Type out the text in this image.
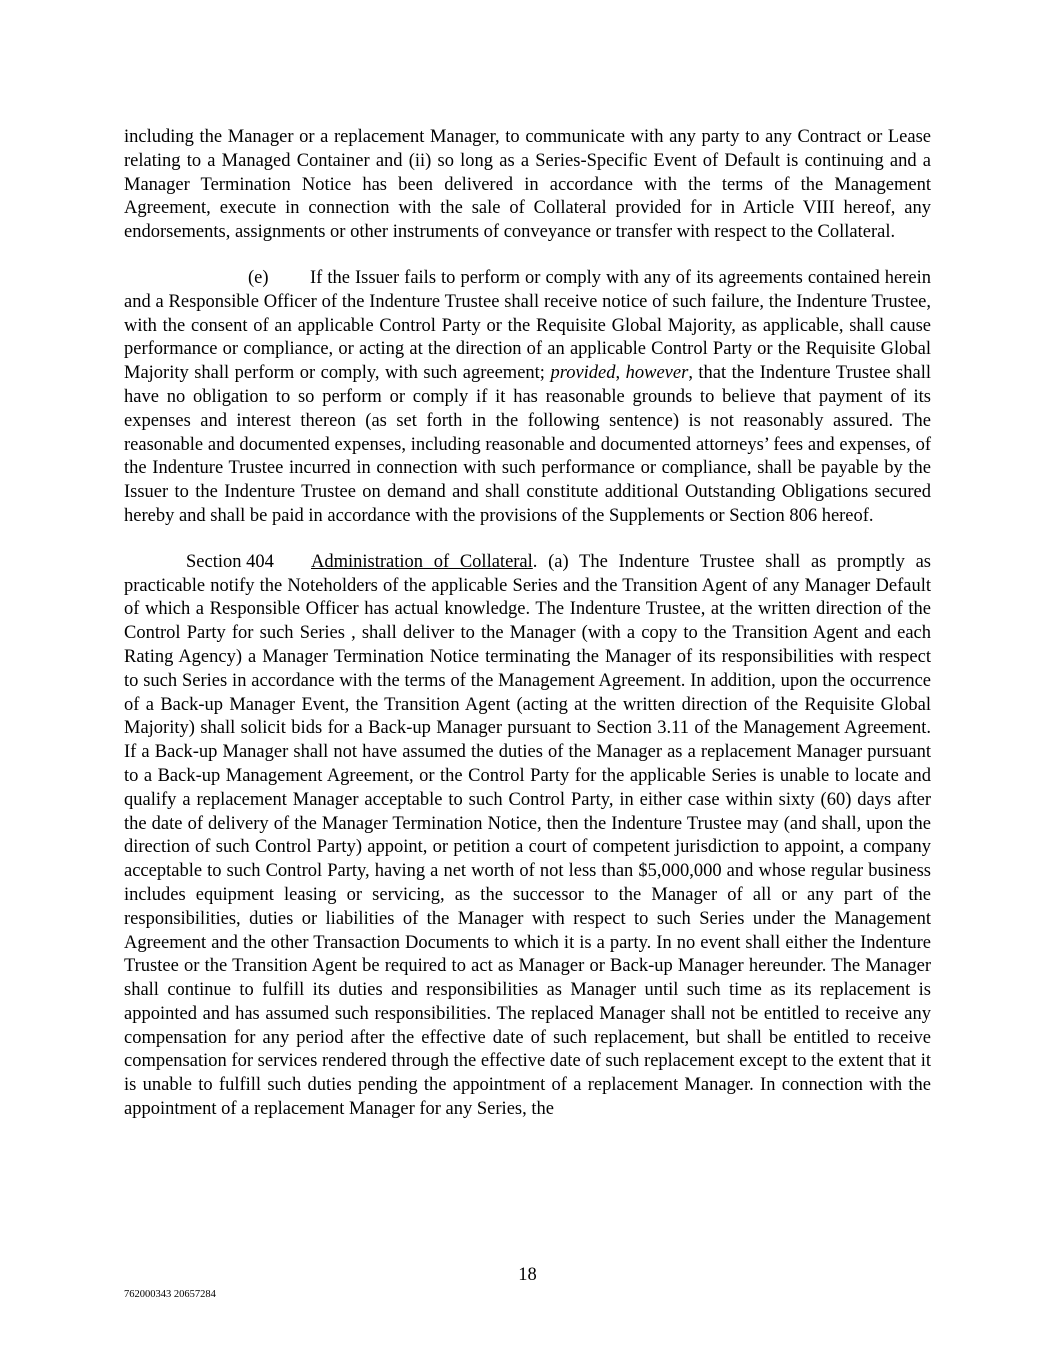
including the Manager or a replacement Manager, to communicate with any party to any Contract or Lease relating to a Managed Container and (ii) so long as a Series-Specific Event of Default is continuing and a Manager Termination Notice has been delivered in accordance with the terms of the Management Agreement, execute in connection with the sale of Collateral provided for in Article VIII hereof, any endorsements, assignments or other instruments of conveyance or transfer with respect to the Collateral.

(e) If the Issuer fails to perform or comply with any of its agreements contained herein and a Responsible Officer of the Indenture Trustee shall receive notice of such failure, the Indenture Trustee, with the consent of an applicable Control Party or the Requisite Global Majority, as applicable, shall cause performance or compliance, or acting at the direction of an applicable Control Party or the Requisite Global Majority shall perform or comply, with such agreement; provided, however, that the Indenture Trustee shall have no obligation to so perform or comply if it has reasonable grounds to believe that payment of its expenses and interest thereon (as set forth in the following sentence) is not reasonably assured. The reasonable and documented expenses, including reasonable and documented attorneys’ fees and expenses, of the Indenture Trustee incurred in connection with such performance or compliance, shall be payable by the Issuer to the Indenture Trustee on demand and shall constitute additional Outstanding Obligations secured hereby and shall be paid in accordance with the provisions of the Supplements or Section 806 hereof.

Section 404 Administration of Collateral. (a) The Indenture Trustee shall as promptly as practicable notify the Noteholders of the applicable Series and the Transition Agent of any Manager Default of which a Responsible Officer has actual knowledge. The Indenture Trustee, at the written direction of the Control Party for such Series , shall deliver to the Manager (with a copy to the Transition Agent and each Rating Agency) a Manager Termination Notice terminating the Manager of its responsibilities with respect to such Series in accordance with the terms of the Management Agreement. In addition, upon the occurrence of a Back-up Manager Event, the Transition Agent (acting at the written direction of the Requisite Global Majority) shall solicit bids for a Back-up Manager pursuant to Section 3.11 of the Management Agreement. If a Back-up Manager shall not have assumed the duties of the Manager as a replacement Manager pursuant to a Back-up Management Agreement, or the Control Party for the applicable Series is unable to locate and qualify a replacement Manager acceptable to such Control Party, in either case within sixty (60) days after the date of delivery of the Manager Termination Notice, then the Indenture Trustee may (and shall, upon the direction of such Control Party) appoint, or petition a court of competent jurisdiction to appoint, a company acceptable to such Control Party, having a net worth of not less than $5,000,000 and whose regular business includes equipment leasing or servicing, as the successor to the Manager of all or any part of the responsibilities, duties or liabilities of the Manager with respect to such Series under the Management Agreement and the other Transaction Documents to which it is a party. In no event shall either the Indenture Trustee or the Transition Agent be required to act as Manager or Back-up Manager hereunder. The Manager shall continue to fulfill its duties and responsibilities as Manager until such time as its replacement is appointed and has assumed such responsibilities. The replaced Manager shall not be entitled to receive any compensation for any period after the effective date of such replacement, but shall be entitled to receive compensation for services rendered through the effective date of such replacement except to the extent that it is unable to fulfill such duties pending the appointment of a replacement Manager. In connection with the appointment of a replacement Manager for any Series, the

18
762000343 20657284
